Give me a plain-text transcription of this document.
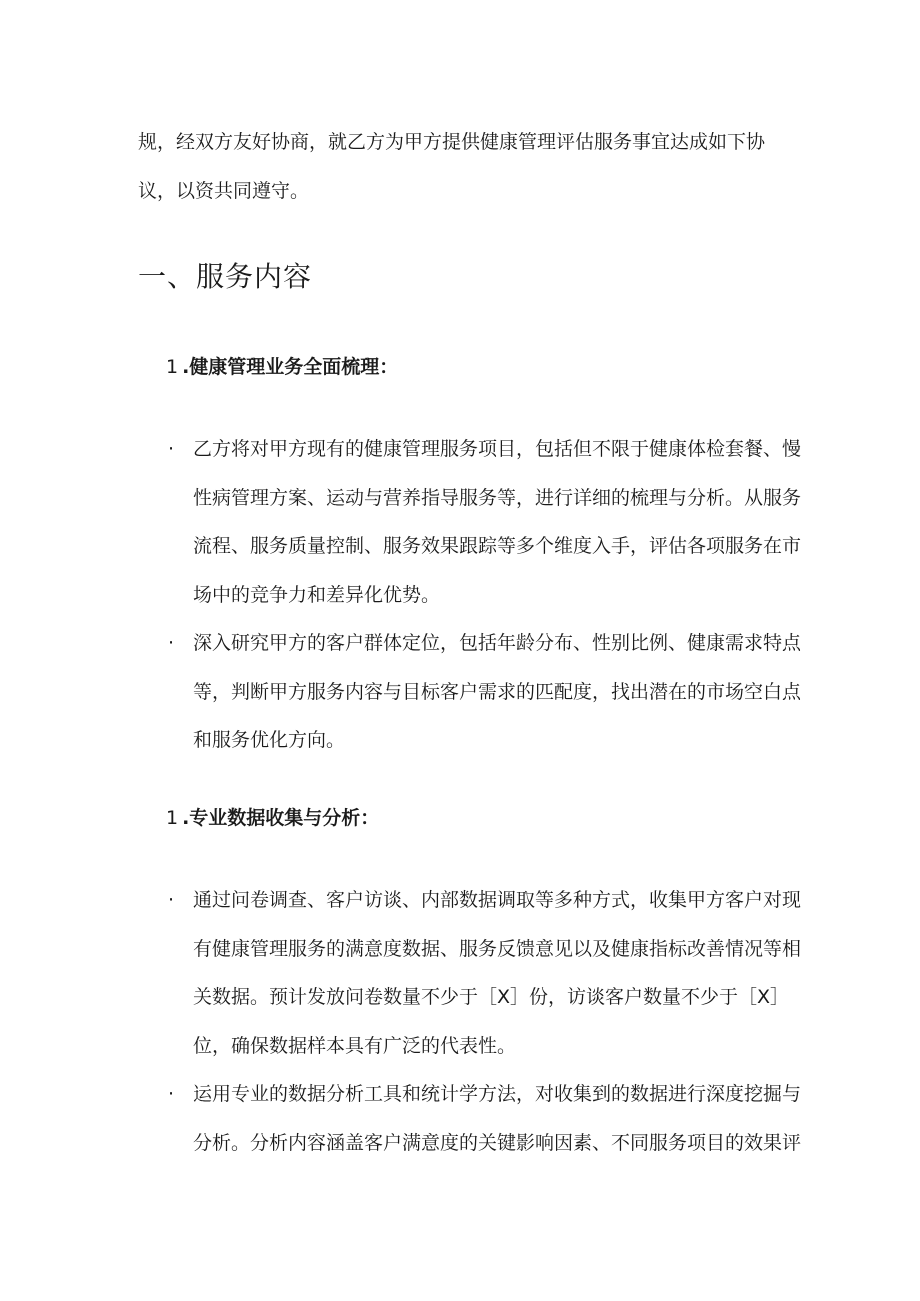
规，经双方友好协商，就乙方为甲方提供健康管理评估服务事宜达成如下协议，以资共同遵守。

一、服务内容
1 .健康管理业务全面梳理：

· 乙方将对甲方现有的健康管理服务项目，包括但不限于健康体检套餐、慢性病管理方案、运动与营养指导服务等，进行详细的梳理与分析。从服务流程、服务质量控制、服务效果跟踪等多个维度入手，评估各项服务在市场中的竞争力和差异化优势。

· 深入研究甲方的客户群体定位，包括年龄分布、性别比例、健康需求特点等，判断甲方服务内容与目标客户需求的匹配度，找出潜在的市场空白点和服务优化方向。

1 .专业数据收集与分析：

· 通过问卷调查、客户访谈、内部数据调取等多种方式，收集甲方客户对现有健康管理服务的满意度数据、服务反馈意见以及健康指标改善情况等相关数据。预计发放问卷数量不少于［X］份，访谈客户数量不少于［X］位，确保数据样本具有广泛的代表性。

· 运用专业的数据分析工具和统计学方法，对收集到的数据进行深度挖掘与分析。分析内容涵盖客户满意度的关键影响因素、不同服务项目的效果评
